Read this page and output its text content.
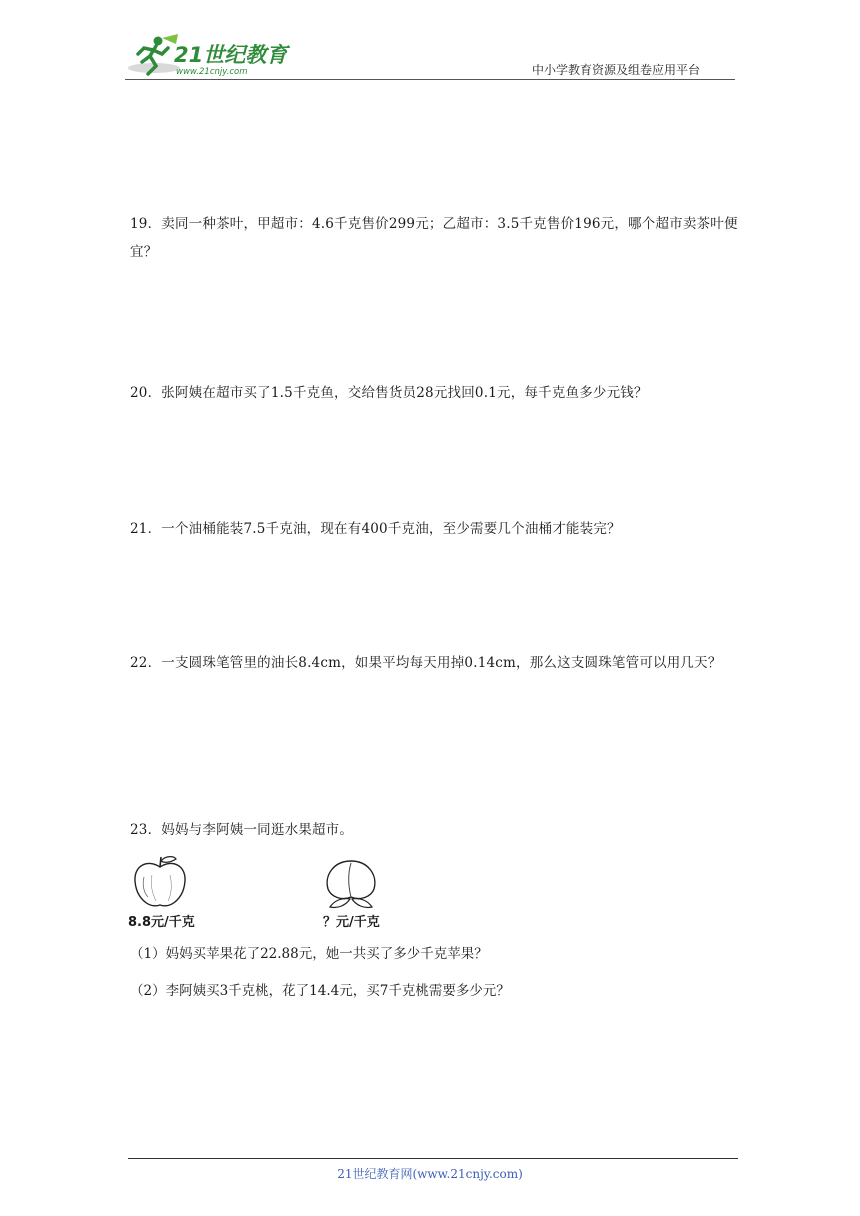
21世纪教育
www.21cnjy.com	中小学教育资源及组卷应用平台
19．卖同一种茶叶，甲超市：4.6千克售价299元；乙超市：3.5千克售价196元，哪个超市卖茶叶便宜？
20．张阿姨在超市买了1.5千克鱼，交给售货员28元找回0.1元，每千克鱼多少元钱？
21．一个油桶能装7.5千克油，现在有400千克油，至少需要几个油桶才能装完？
22．一支圆珠笔管里的油长8.4cm，如果平均每天用掉0.14cm，那么这支圆珠笔管可以用几天？
23．妈妈与李阿姨一同逛水果超市。
8.8元/千克	？元/千克
（1）妈妈买苹果花了22.88元，她一共买了多少千克苹果？
（2）李阿姨买3千克桃，花了14.4元，买7千克桃需要多少元？
21世纪教育网(www.21cnjy.com)
